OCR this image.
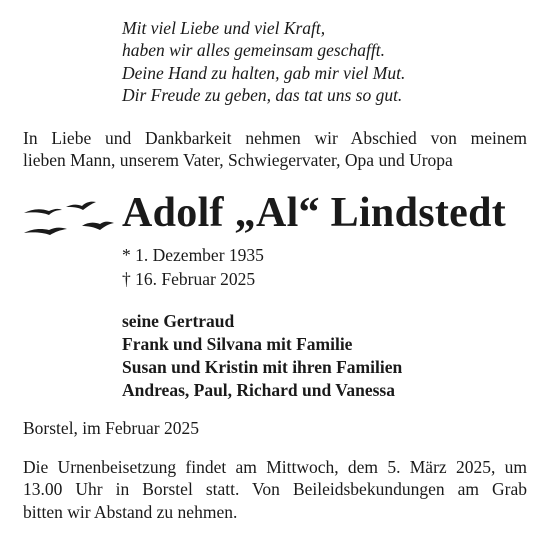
Mit viel Liebe und viel Kraft,
haben wir alles gemeinsam geschafft.
Deine Hand zu halten, gab mir viel Mut.
Dir Freude zu geben, das tat uns so gut.
In Liebe und Dankbarkeit nehmen wir Abschied von meinem
lieben Mann, unserem Vater, Schwiegervater, Opa und Uropa
Adolf „Al“ Lindstedt
* 1. Dezember 1935
† 16. Februar 2025
seine Gertraud
Frank und Silvana mit Familie
Susan und Kristin mit ihren Familien
Andreas, Paul, Richard und Vanessa
Borstel, im Februar 2025
Die Urnenbeisetzung findet am Mittwoch, dem 5. März 2025, um
13.00 Uhr in Borstel statt. Von Beileidsbekundungen am Grab
bitten wir Abstand zu nehmen.
